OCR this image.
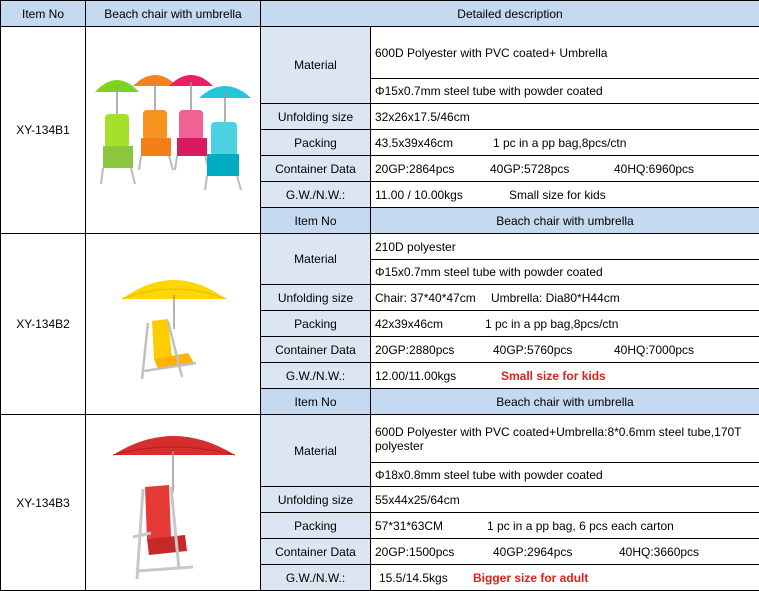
Item No	Beach chair with umbrella	Detailed description		
XY-134B1		Material	600D Polyester with PVC coated+ Umbrella	
			Φ15x0.7mm steel tube with powder coated	
		Unfolding size	32x26x17.5/46cm	
		Packing	43.5x39x46cm 1 pc in a pp bag,8pcs/ctn	
		Container Data	20GP:2864pcs 40GP:5728pcs 40HQ:6960pcs	
		G.W./N.W.:	11.00 / 10.00kgs Small size for kids	
		Item No	Beach chair with umbrella	
XY-134B2		Material	210D polyester	
			Φ15x0.7mm steel tube with powder coated	
		Unfolding size	Chair: 37*40*47cm Umbrella: Dia80*H44cm	
		Packing	42x39x46cm 1 pc in a pp bag,8pcs/ctn	
		Container Data	20GP:2880pcs 40GP:5760pcs 40HQ:7000pcs	
		G.W./N.W.:	12.00/11.00kgs Small size for kids	
		Item No	Beach chair with umbrella	
XY-134B3		Material	600D Polyester with PVC coated+Umbrella:8*0.6mm steel tube,170T polyester	
			Φ18x0.8mm steel tube with powder coated	
		Unfolding size	55x44x25/64cm	
		Packing	57*31*63CM 1 pc in a pp bag, 6 pcs each carton	
		Container Data	20GP:1500pcs 40GP:2964pcs 40HQ:3660pcs	
		G.W./N.W.:	15.5/14.5kgs Bigger size for adult	
